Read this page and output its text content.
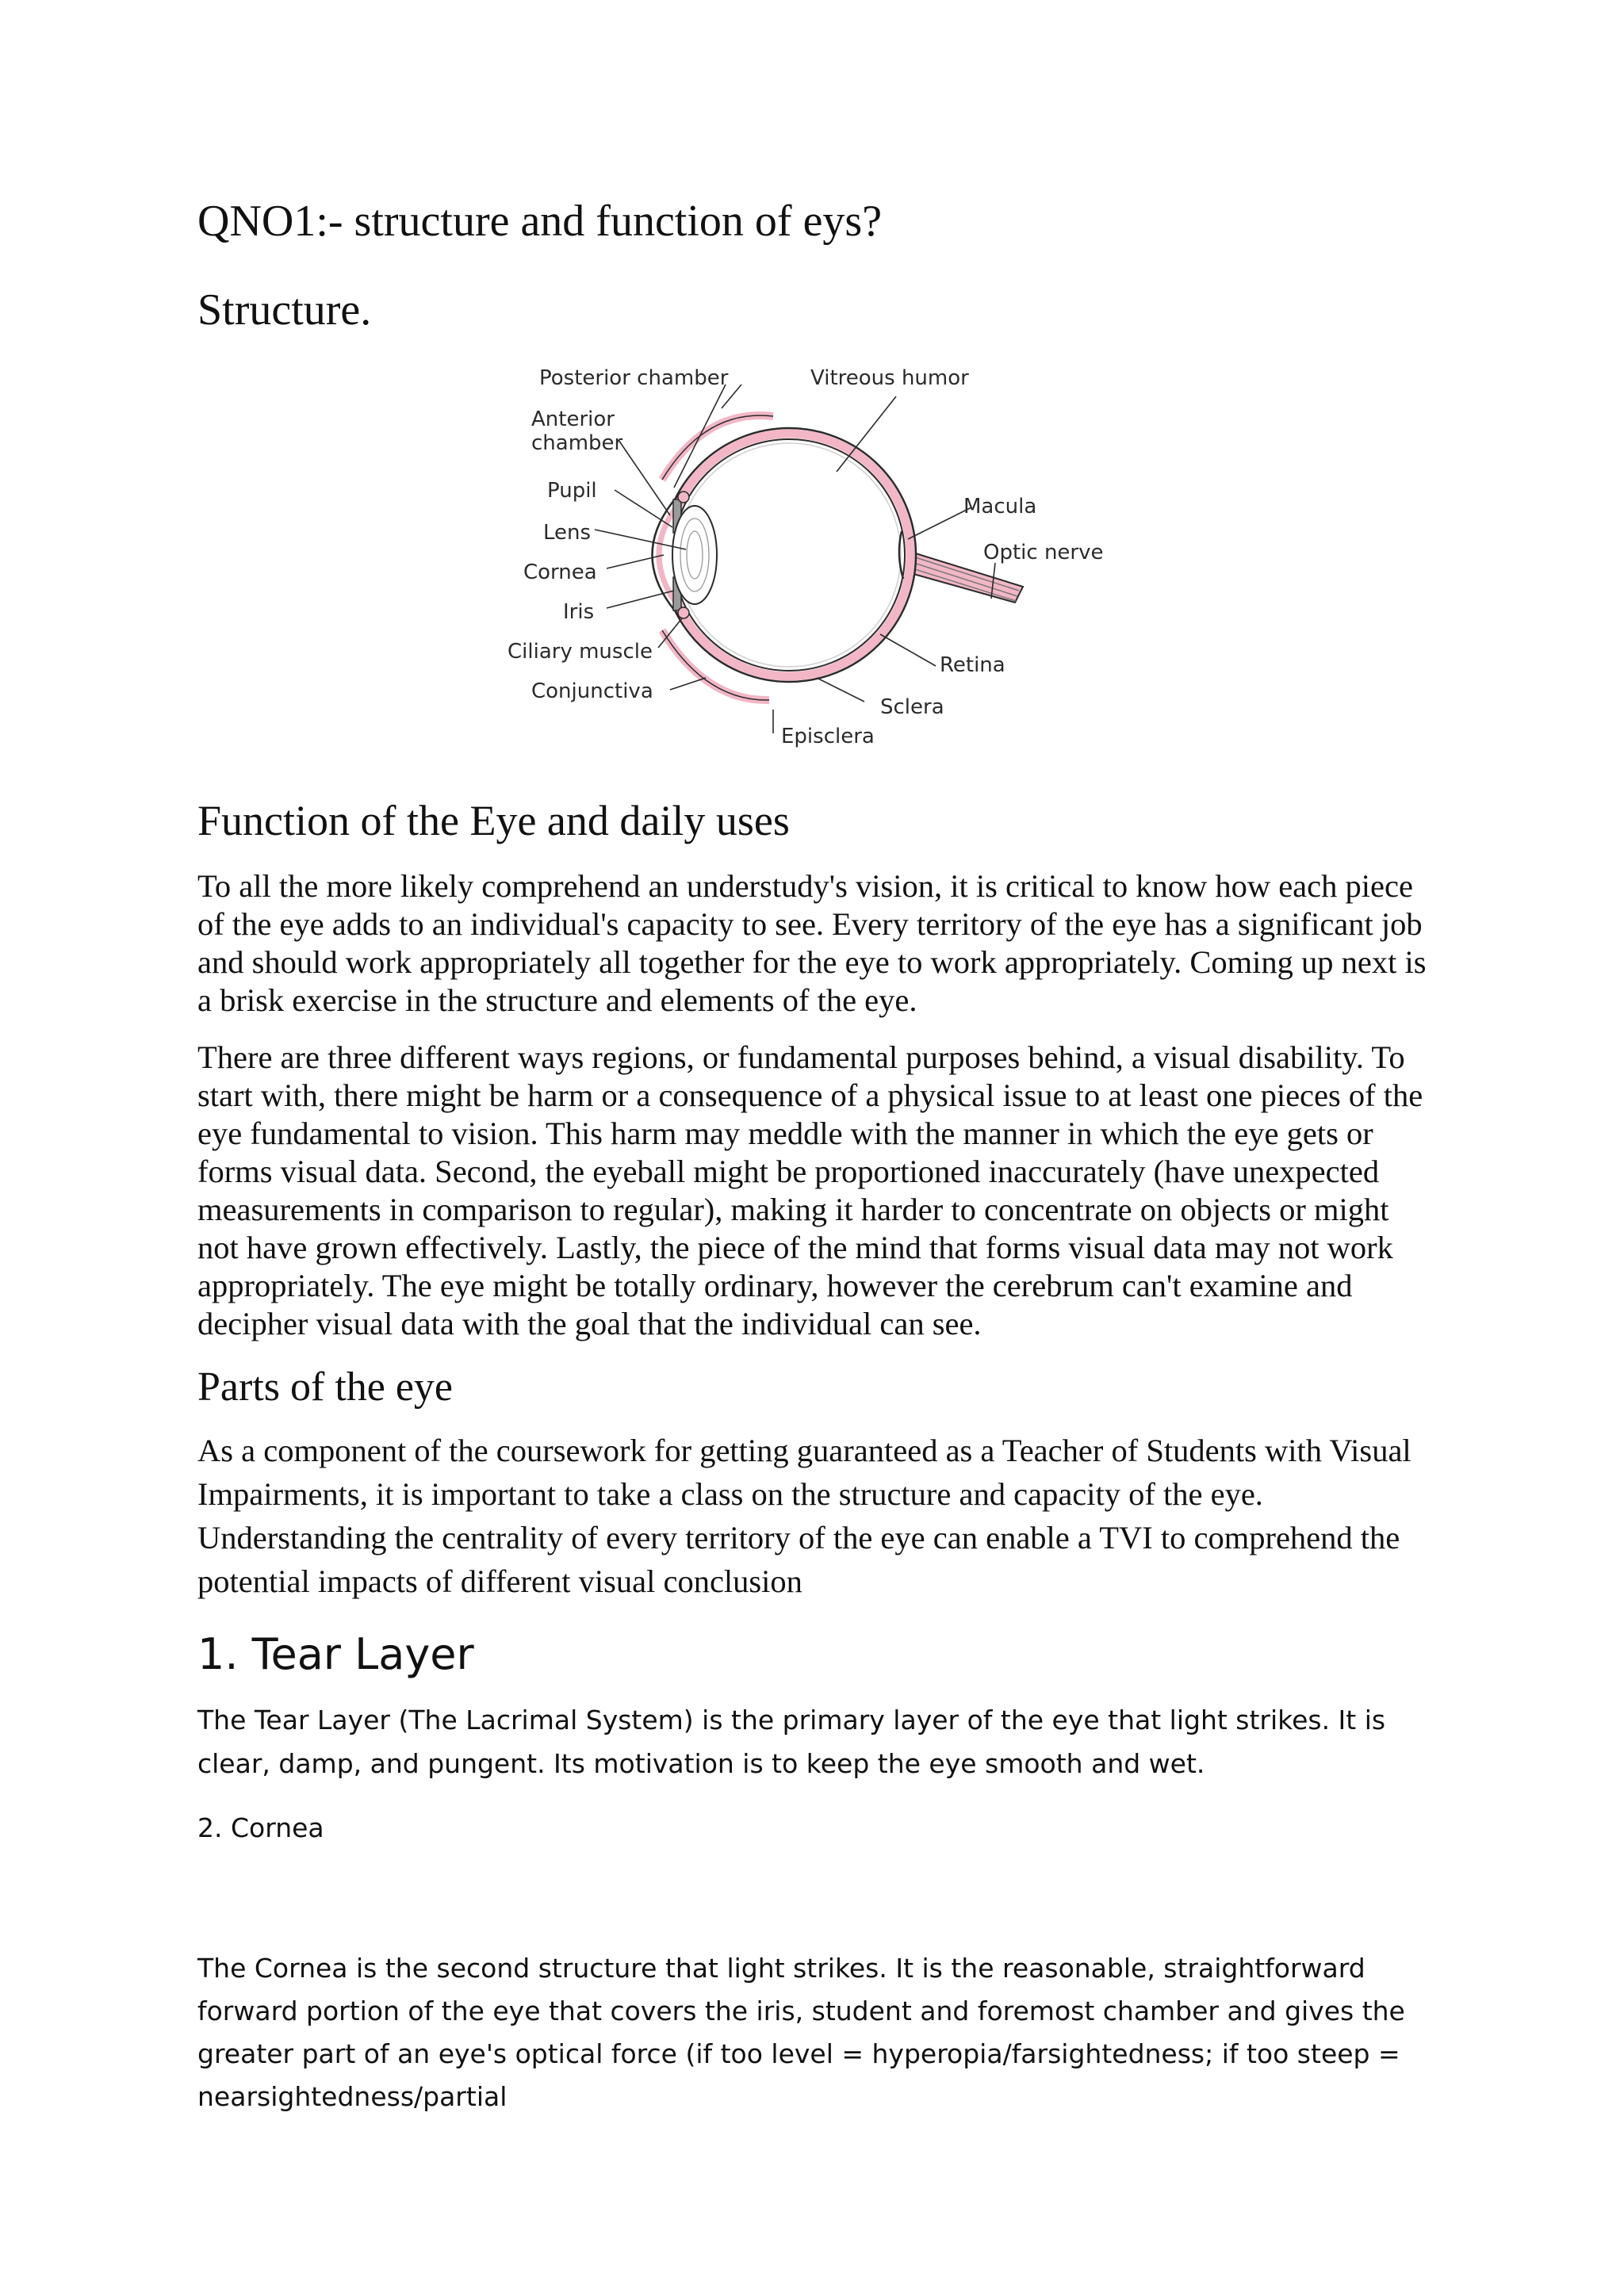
QNO1:- structure and function of eys?
Structure.
Posterior chamber	Vitreous humor
Anterior
chamber
Pupil
Lens
Cornea
Iris
Ciliary muscle
Conjunctiva
Episclera
Sclera
Retina
Macula
Optic nerve
Function of the Eye and daily uses

To all the more likely comprehend an understudy's vision, it is critical to know how each piece of the eye adds to an individual's capacity to see. Every territory of the eye has a significant job and should work appropriately all together for the eye to work appropriately. Coming up next is a brisk exercise in the structure and elements of the eye.

There are three different ways regions, or fundamental purposes behind, a visual disability. To start with, there might be harm or a consequence of a physical issue to at least one pieces of the eye fundamental to vision. This harm may meddle with the manner in which the eye gets or forms visual data. Second, the eyeball might be proportioned inaccurately (have unexpected measurements in comparison to regular), making it harder to concentrate on objects or might not have grown effectively. Lastly, the piece of the mind that forms visual data may not work appropriately. The eye might be totally ordinary, however the cerebrum can't examine and decipher visual data with the goal that the individual can see.

Parts of the eye

As a component of the coursework for getting guaranteed as a Teacher of Students with Visual Impairments, it is important to take a class on the structure and capacity of the eye. Understanding the centrality of every territory of the eye can enable a TVI to comprehend the potential impacts of different visual conclusion

1. Tear Layer

The Tear Layer (The Lacrimal System) is the primary layer of the eye that light strikes. It is clear, damp, and pungent. Its motivation is to keep the eye smooth and wet.

2. Cornea

The Cornea is the second structure that light strikes. It is the reasonable, straightforward forward portion of the eye that covers the iris, student and foremost chamber and gives the greater part of an eye's optical force (if too level = hyperopia/farsightedness; if too steep = nearsightedness/partial
